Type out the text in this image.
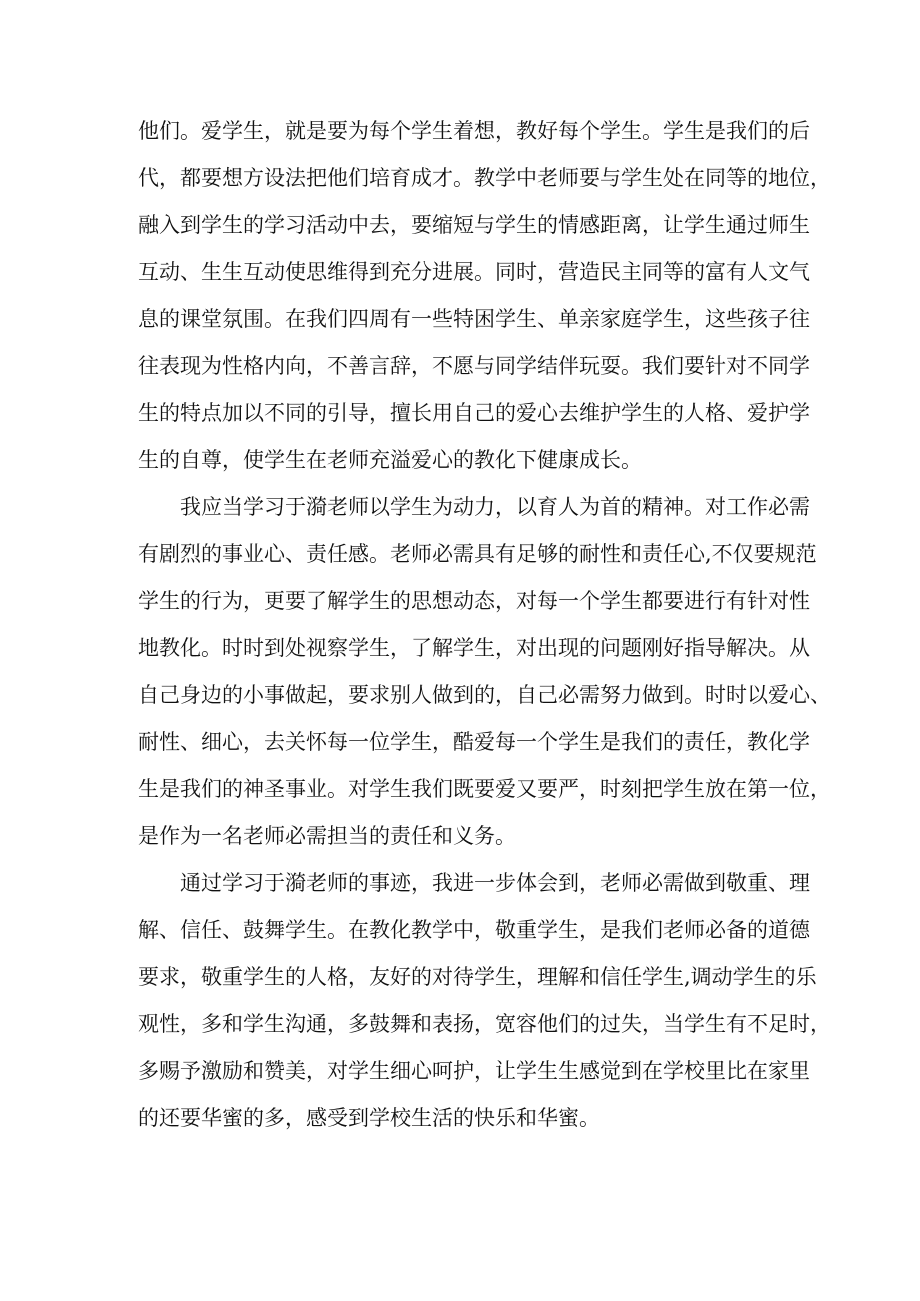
他们。爱学生，就是要为每个学生着想，教好每个学生。学生是我们的后
代，都要想方设法把他们培育成才。教学中老师要与学生处在同等的地位，
融入到学生的学习活动中去，要缩短与学生的情感距离，让学生通过师生
互动、生生互动使思维得到充分进展。同时，营造民主同等的富有人文气
息的课堂氛围。在我们四周有一些特困学生、单亲家庭学生，这些孩子往
往表现为性格内向，不善言辞，不愿与同学结伴玩耍。我们要针对不同学
生的特点加以不同的引导，擅长用自己的爱心去维护学生的人格、爱护学
生的自尊，使学生在老师充溢爱心的教化下健康成长。
我应当学习于漪老师以学生为动力，以育人为首的精神。对工作必需
有剧烈的事业心、责任感。老师必需具有足够的耐性和责任心,不仅要规范
学生的行为，更要了解学生的思想动态，对每一个学生都要进行有针对性
地教化。时时到处视察学生，了解学生，对出现的问题刚好指导解决。从
自己身边的小事做起，要求别人做到的，自己必需努力做到。时时以爱心、
耐性、细心，去关怀每一位学生，酷爱每一个学生是我们的责任，教化学
生是我们的神圣事业。对学生我们既要爱又要严，时刻把学生放在第一位，
是作为一名老师必需担当的责任和义务。
通过学习于漪老师的事迹，我进一步体会到，老师必需做到敬重、理
解、信任、鼓舞学生。在教化教学中，敬重学生，是我们老师必备的道德
要求，敬重学生的人格，友好的对待学生，理解和信任学生,调动学生的乐
观性，多和学生沟通，多鼓舞和表扬，宽容他们的过失，当学生有不足时，
多赐予激励和赞美，对学生细心呵护，让学生生感觉到在学校里比在家里
的还要华蜜的多，感受到学校生活的快乐和华蜜。
